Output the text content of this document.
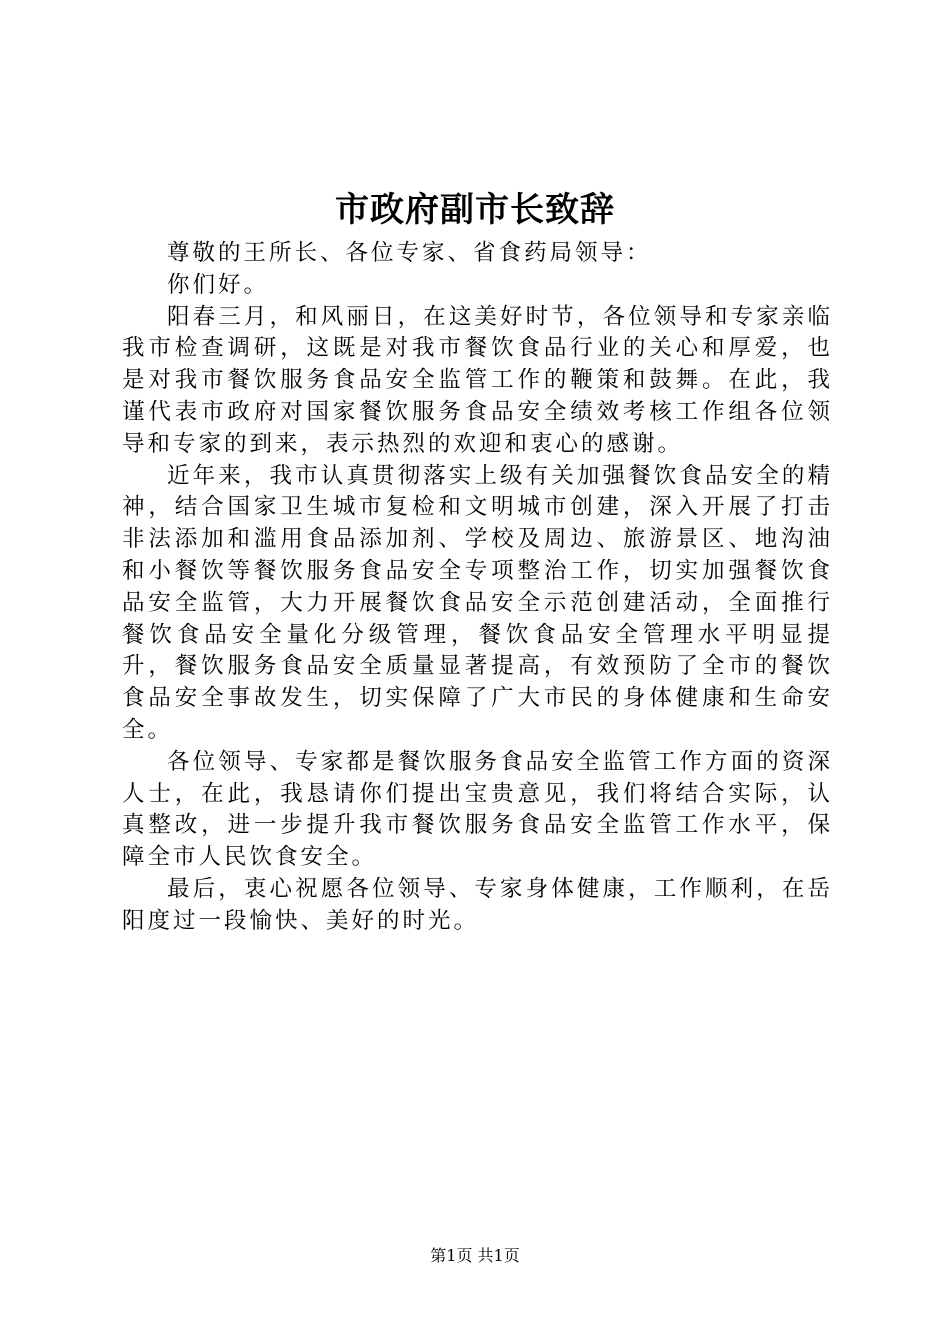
市政府副市长致辞

尊敬的王所长、各位专家、省食药局领导：

你们好。

阳春三月，和风丽日，在这美好时节，各位领导和专家亲临我市检查调研，这既是对我市餐饮食品行业的关心和厚爱，也是对我市餐饮服务食品安全监管工作的鞭策和鼓舞。在此，我谨代表市政府对国家餐饮服务食品安全绩效考核工作组各位领导和专家的到来，表示热烈的欢迎和衷心的感谢。

近年来，我市认真贯彻落实上级有关加强餐饮食品安全的精神，结合国家卫生城市复检和文明城市创建，深入开展了打击非法添加和滥用食品添加剂、学校及周边、旅游景区、地沟油和小餐饮等餐饮服务食品安全专项整治工作，切实加强餐饮食品安全监管，大力开展餐饮食品安全示范创建活动，全面推行餐饮食品安全量化分级管理，餐饮食品安全管理水平明显提升，餐饮服务食品安全质量显著提高，有效预防了全市的餐饮食品安全事故发生，切实保障了广大市民的身体健康和生命安全。

各位领导、专家都是餐饮服务食品安全监管工作方面的资深人士，在此，我恳请你们提出宝贵意见，我们将结合实际，认真整改，进一步提升我市餐饮服务食品安全监管工作水平，保障全市人民饮食安全。

最后，衷心祝愿各位领导、专家身体健康，工作顺利，在岳阳度过一段愉快、美好的时光。

第1页 共1页
